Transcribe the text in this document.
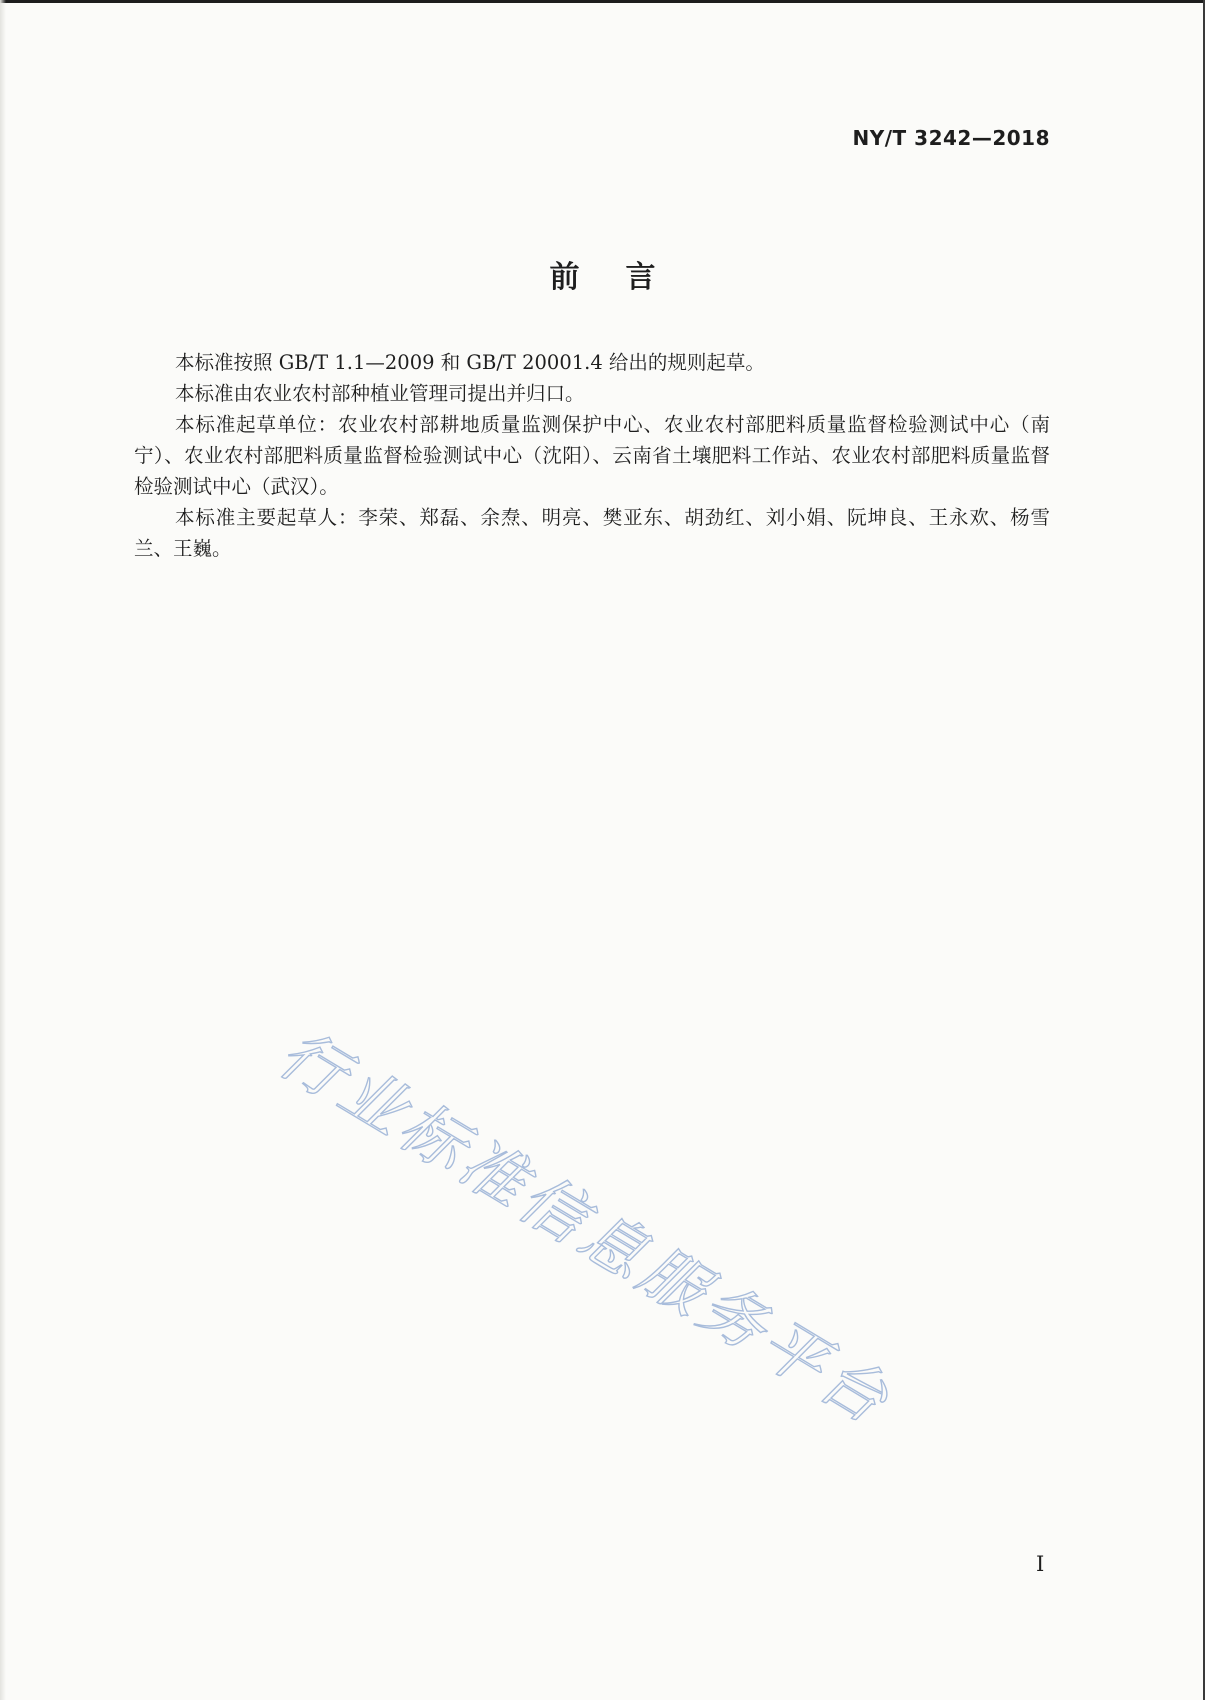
NY/T 3242—2018
前言

本标准按照 GB/T 1.1—2009 和 GB/T 20001.4 给出的规则起草。

本标准由农业农村部种植业管理司提出并归口。

本标准起草单位：农业农村部耕地质量监测保护中心、农业农村部肥料质量监督检验测试中心（南宁）、农业农村部肥料质量监督检验测试中心（沈阳）、云南省土壤肥料工作站、农业农村部肥料质量监督检验测试中心（武汉）。

本标准主要起草人：李荣、郑磊、余焘、明亮、樊亚东、胡劲红、刘小娟、阮坤良、王永欢、杨雪兰、王巍。

行业标准信息服务平台
I
